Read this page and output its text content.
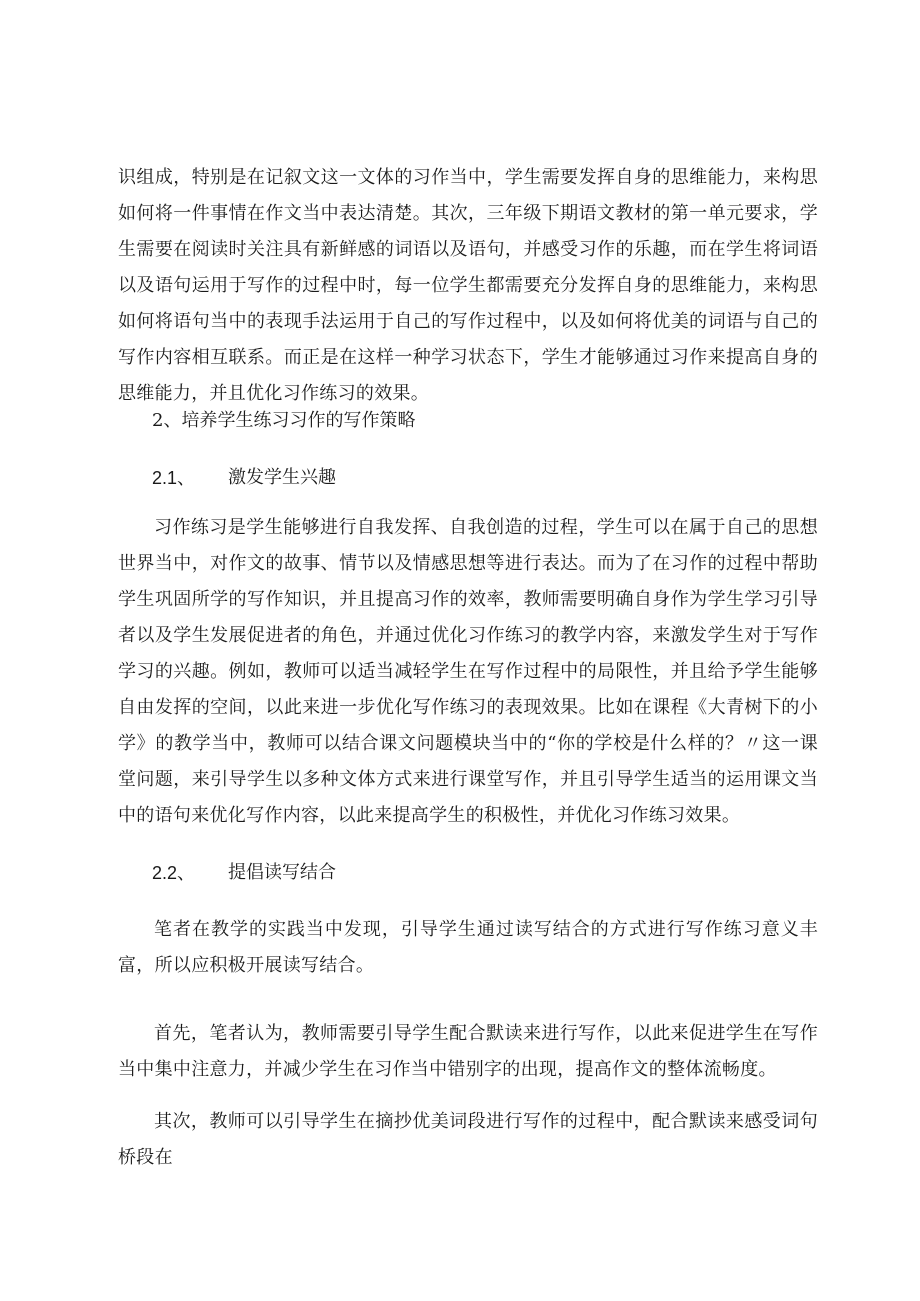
识组成，特别是在记叙文这一文体的习作当中，学生需要发挥自身的思维能力，来构思如何将一件事情在作文当中表达清楚。其次，三年级下期语文教材的第一单元要求，学生需要在阅读时关注具有新鲜感的词语以及语句，并感受习作的乐趣，而在学生将词语以及语句运用于写作的过程中时，每一位学生都需要充分发挥自身的思维能力，来构思如何将语句当中的表现手法运用于自己的写作过程中，以及如何将优美的词语与自己的写作内容相互联系。而正是在这样一种学习状态下，学生才能够通过习作来提高自身的思维能力，并且优化习作练习的效果。

2、培养学生练习习作的写作策略

2.1、 激发学生兴趣

习作练习是学生能够进行自我发挥、自我创造的过程，学生可以在属于自己的思想世界当中，对作文的故事、情节以及情感思想等进行表达。而为了在习作的过程中帮助学生巩固所学的写作知识，并且提高习作的效率，教师需要明确自身作为学生学习引导者以及学生发展促进者的角色，并通过优化习作练习的教学内容，来激发学生对于写作学习的兴趣。例如，教师可以适当减轻学生在写作过程中的局限性，并且给予学生能够自由发挥的空间，以此来进一步优化写作练习的表现效果。比如在课程《大青树下的小学》的教学当中，教师可以结合课文问题模块当中的“你的学校是什么样的？〃这一课堂问题，来引导学生以多种文体方式来进行课堂写作，并且引导学生适当的运用课文当中的语句来优化写作内容，以此来提高学生的积极性，并优化习作练习效果。

2.2、 提倡读写结合

笔者在教学的实践当中发现，引导学生通过读写结合的方式进行写作练习意义丰富，所以应积极开展读写结合。

首先，笔者认为，教师需要引导学生配合默读来进行写作，以此来促进学生在写作当中集中注意力，并减少学生在习作当中错别字的出现，提高作文的整体流畅度。

其次，教师可以引导学生在摘抄优美词段进行写作的过程中，配合默读来感受词句桥段在
